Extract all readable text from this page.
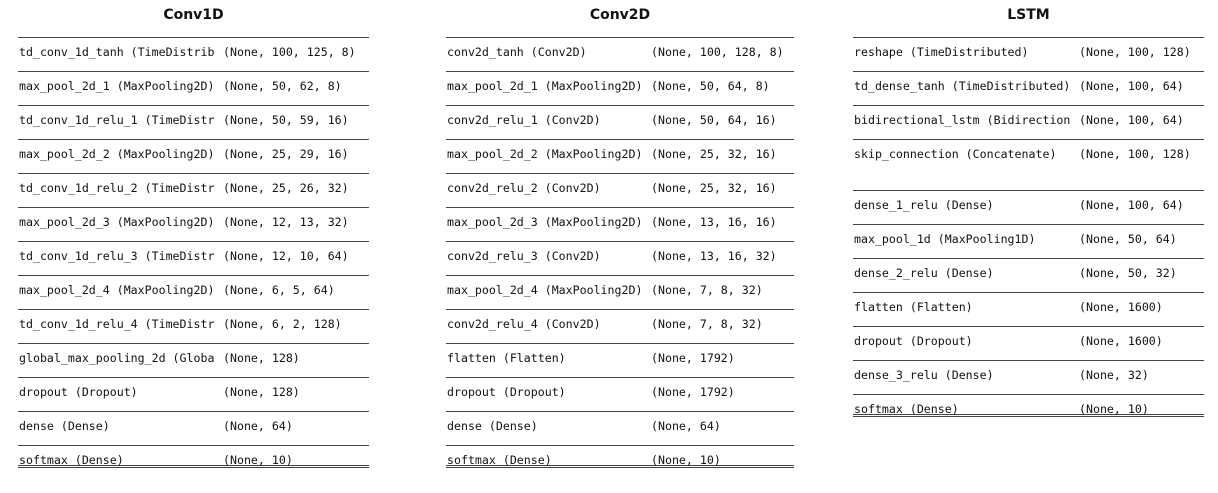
Conv1D
td_conv_1d_tanh (TimeDistrib (None, 100, 125, 8)
max_pool_2d_1 (MaxPooling2D) (None, 50, 62, 8)
td_conv_1d_relu_1 (TimeDistr (None, 50, 59, 16)
max_pool_2d_2 (MaxPooling2D) (None, 25, 29, 16)
td_conv_1d_relu_2 (TimeDistr (None, 25, 26, 32)
max_pool_2d_3 (MaxPooling2D) (None, 12, 13, 32)
td_conv_1d_relu_3 (TimeDistr (None, 12, 10, 64)
max_pool_2d_4 (MaxPooling2D) (None, 6, 5, 64)
td_conv_1d_relu_4 (TimeDistr (None, 6, 2, 128)
global_max_pooling_2d (Globa (None, 128)
dropout (Dropout)	(None, 128)
dense (Dense)	(None, 64)
softmax (Dense)	(None, 10)
Conv2D
conv2d_tanh (Conv2D)	(None, 100, 128, 8)
max_pool_2d_1 (MaxPooling2D) (None, 50, 64, 8)
conv2d_relu_1 (Conv2D)	(None, 50, 64, 16)
max_pool_2d_2 (MaxPooling2D) (None, 25, 32, 16)
conv2d_relu_2 (Conv2D)	(None, 25, 32, 16)
max_pool_2d_3 (MaxPooling2D) (None, 13, 16, 16)
conv2d_relu_3 (Conv2D)	(None, 13, 16, 32)
max_pool_2d_4 (MaxPooling2D) (None, 7, 8, 32)
conv2d_relu_4 (Conv2D)	(None, 7, 8, 32)
flatten (Flatten)	(None, 1792)
dropout (Dropout)	(None, 1792)
dense (Dense)	(None, 64)
softmax (Dense)	(None, 10)
LSTM
reshape (TimeDistributed)	(None, 100, 128)
td_dense_tanh (TimeDistributed) (None, 100, 64)
bidirectional_lstm (Bidirection (None, 100, 64)
skip_connection (Concatenate)	(None, 100, 128)
dense_1_relu (Dense)	(None, 100, 64)
max_pool_1d (MaxPooling1D)	(None, 50, 64)
dense_2_relu (Dense)	(None, 50, 32)
flatten (Flatten)	(None, 1600)
dropout (Dropout)	(None, 1600)
dense_3_relu (Dense)	(None, 32)
softmax (Dense)	(None, 10)
